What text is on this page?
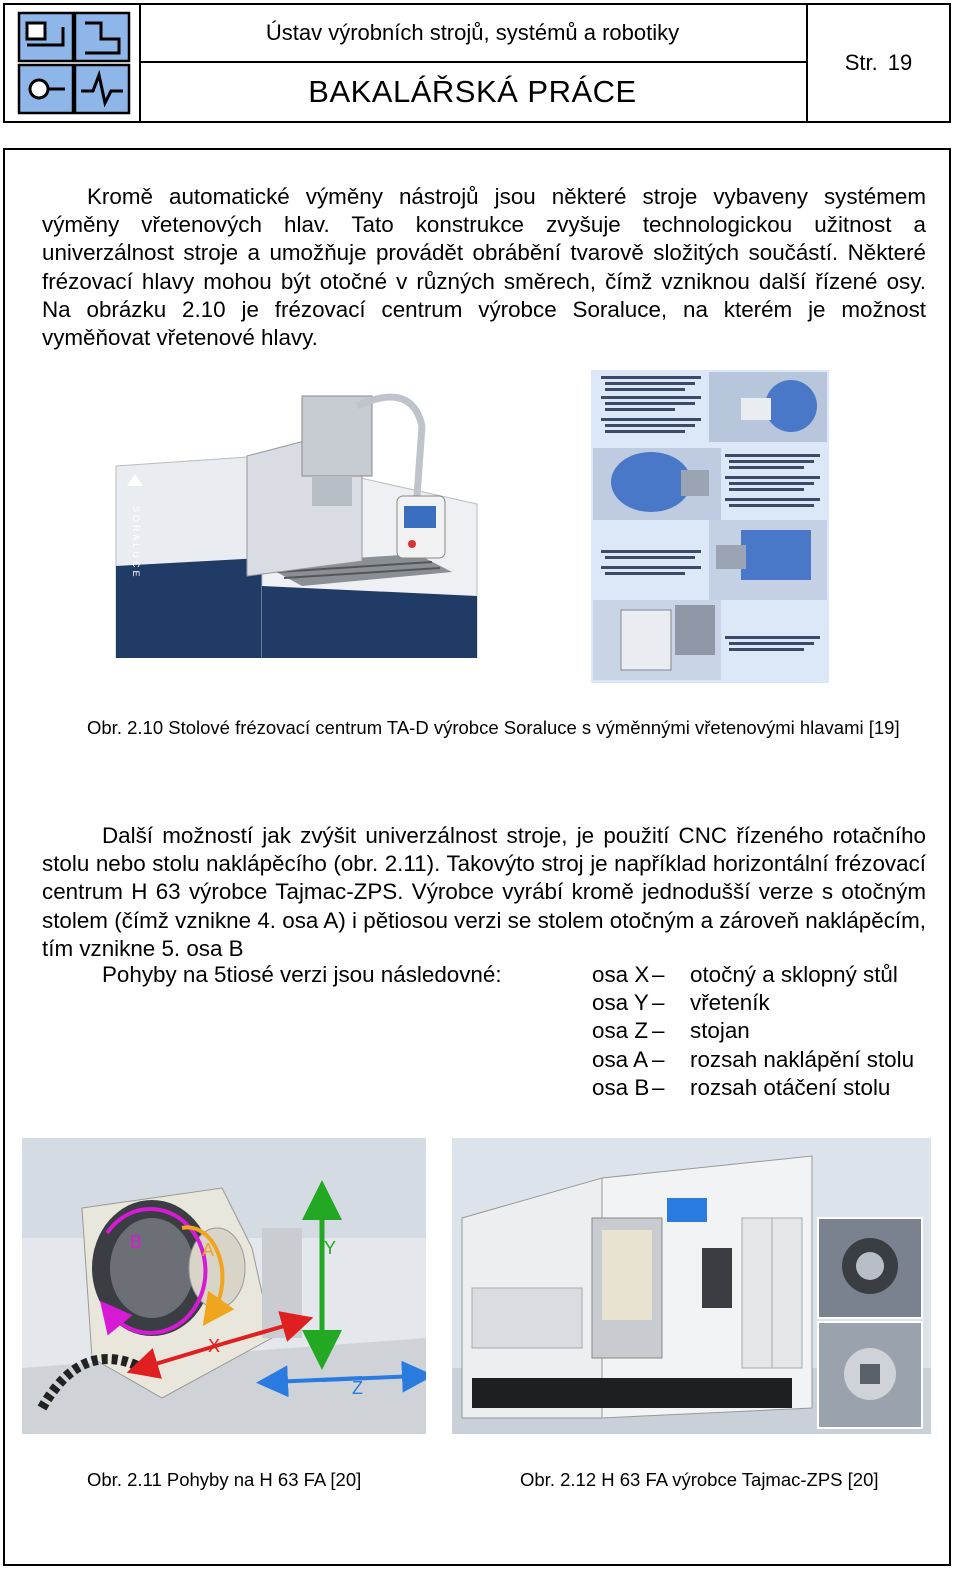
Ústav výrobních strojů, systémů a robotiky
BAKALÁŘSKÁ PRÁCE
Str. 19

Kromě automatické výměny nástrojů jsou některé stroje vybaveny systémem výměny vřetenových hlav. Tato konstrukce zvyšuje technologickou užitnost a univerzálnost stroje a umožňuje provádět obrábění tvarově složitých součástí. Některé frézovací hlavy mohou být otočné v různých směrech, čímž vzniknou další řízené osy. Na obrázku 2.10 je frézovací centrum výrobce Soraluce, na kterém je možnost vyměňovat vřetenové hlavy.

SORALUCE

Obr. 2.10 Stolové frézovací centrum TA-D výrobce Soraluce s výměnnými vřetenovými hlavami [19]

Další možností jak zvýšit univerzálnost stroje, je použití CNC řízeného rotačního stolu nebo stolu naklápěcího (obr. 2.11). Takovýto stroj je například horizontální frézovací centrum H 63 výrobce Tajmac-ZPS. Výrobce vyrábí kromě jednodušší verze s otočným stolem (čímž vznikne 4. osa A) i pětiosou verzi se stolem otočným a zároveň naklápěcím, tím vznikne 5. osa B

Pohyby na 5tiosé verzi jsou následovné:	osa X –	otočný a sklopný stůl
osa Y –	vřeteník
osa Z –	stojan
osa A –	rozsah naklápění stolu
osa B –	rozsah otáčení stolu
B	A	Y
X
Z

Obr. 2.11 Pohyby na H 63 FA [20]	Obr. 2.12 H 63 FA výrobce Tajmac-ZPS [20]
